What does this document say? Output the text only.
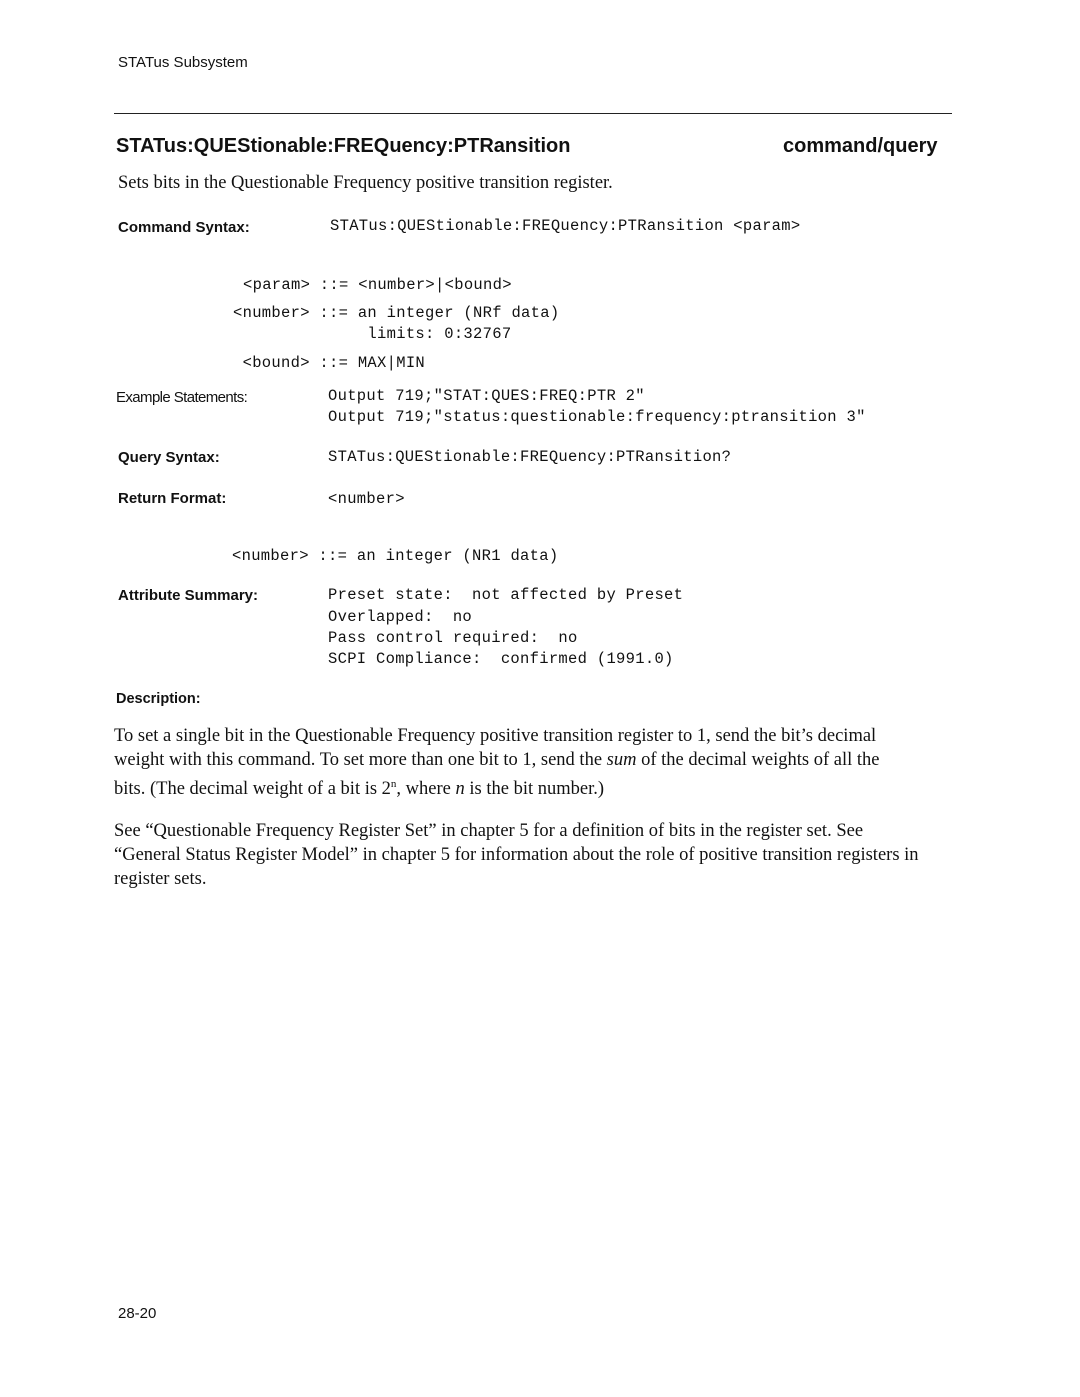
STATus Subsystem
STATus:QUEStionable:FREQuency:PTRansition	command/query
Sets bits in the Questionable Frequency positive transition register.
Command Syntax:	STATus:QUEStionable:FREQuency:PTRansition <param>
<param> ::= <number>|<bound>
<number> ::= an integer (NRf data)
limits: 0:32767
<bound> ::= MAX|MIN
Example Statements:	Output 719;"STAT:QUES:FREQ:PTR 2"
Output 719;"status:questionable:frequency:ptransition 3"
Query Syntax:	STATus:QUEStionable:FREQuency:PTRansition?
Return Format:	<number>
<number> ::= an integer (NR1 data)
Attribute Summary:	Preset state:  not affected by Preset
Overlapped:  no
Pass control required:  no
SCPI Compliance:  confirmed (1991.0)
Description:
To set a single bit in the Questionable Frequency positive transition register to 1, send the bit’s decimal weight with this command. To set more than one bit to 1, send the sum of the decimal weights of all the bits. (The decimal weight of a bit is 2$^n$, where n is the bit number.)
See “Questionable Frequency Register Set” in chapter 5 for a definition of bits in the register set. See “General Status Register Model” in chapter 5 for information about the role of positive transition registers in register sets.
28-20
